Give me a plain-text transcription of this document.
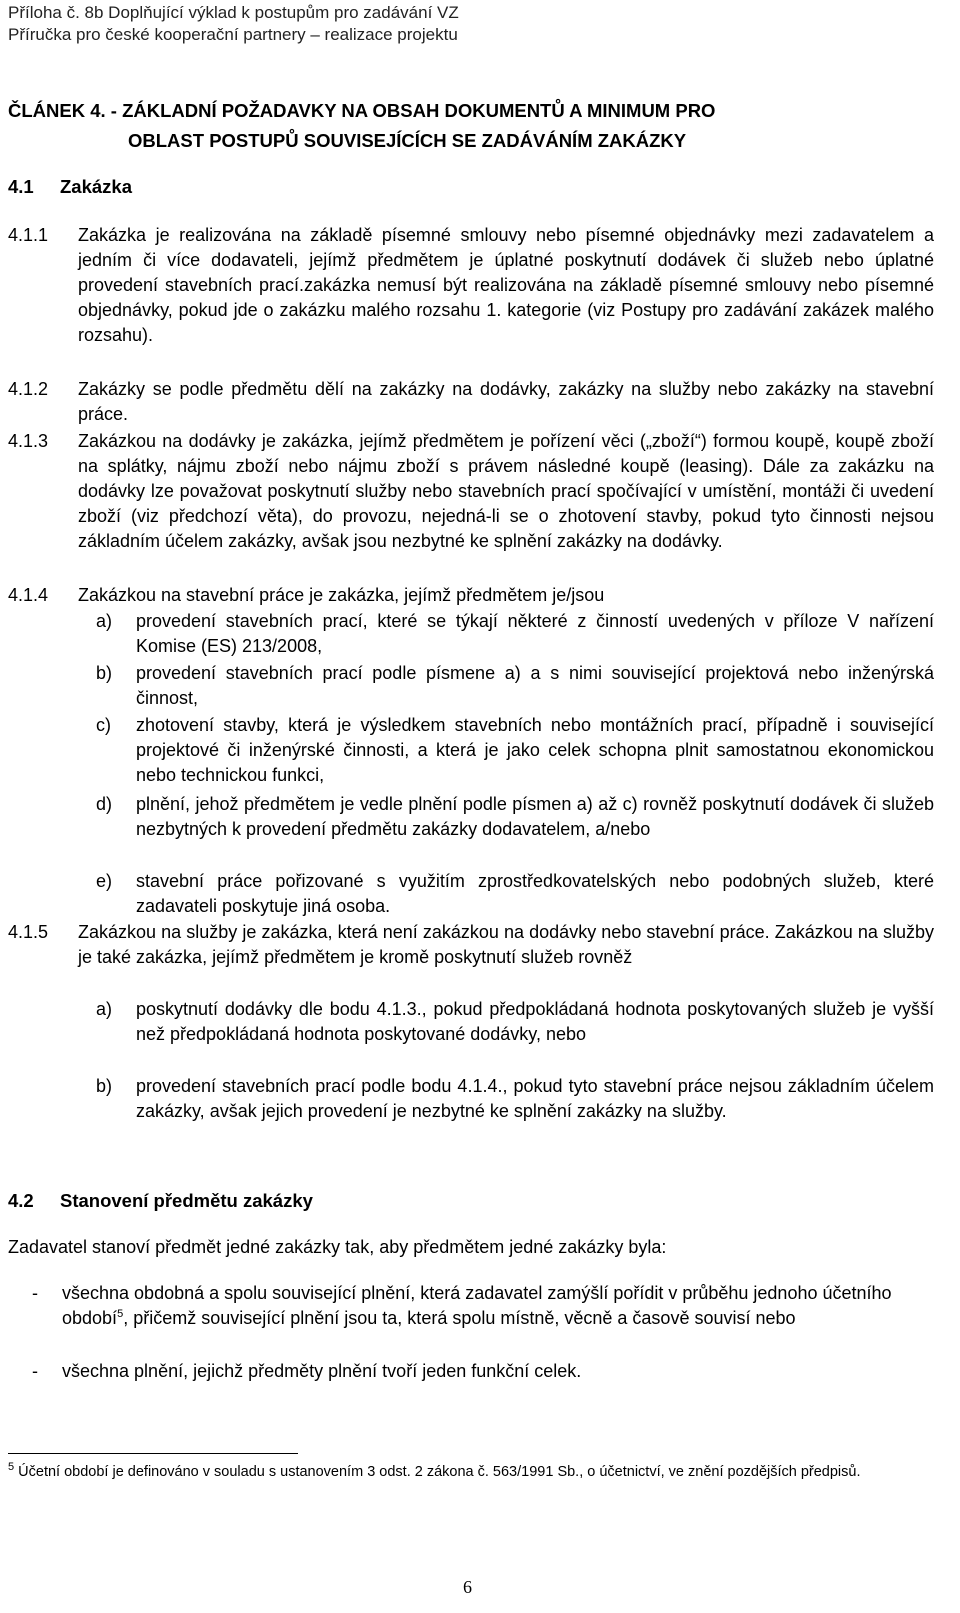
Příloha č. 8b Doplňující výklad k postupům pro zadávání VZ
Příručka pro české kooperační partnery – realizace projektu
ČLÁNEK 4. - ZÁKLADNÍ POŽADAVKY NA OBSAH DOKUMENTŮ A MINIMUM PRO
OBLAST POSTUPŮ SOUVISEJÍCÍCH SE ZADÁVÁNÍM ZAKÁZKY
4.1 Zakázka
4.1.1 Zakázka je realizována na základě písemné smlouvy nebo písemné objednávky mezi zadavatelem a jedním či více dodavateli, jejímž předmětem je úplatné poskytnutí dodávek či služeb nebo úplatné provedení stavebních prací.zakázka nemusí být realizována na základě písemné smlouvy nebo písemné objednávky, pokud jde o zakázku malého rozsahu 1. kategorie (viz Postupy pro zadávání zakázek malého rozsahu).
4.1.2 Zakázky se podle předmětu dělí na zakázky na dodávky, zakázky na služby nebo zakázky na stavební práce.
4.1.3 Zakázkou na dodávky je zakázka, jejímž předmětem je pořízení věci („zboží“) formou koupě, koupě zboží na splátky, nájmu zboží nebo nájmu zboží s právem následné koupě (leasing). Dále za zakázku na dodávky lze považovat poskytnutí služby nebo stavebních prací spočívající v umístění, montáži či uvedení zboží (viz předchozí věta), do provozu, nejedná-li se o zhotovení stavby, pokud tyto činnosti nejsou základním účelem zakázky, avšak jsou nezbytné ke splnění zakázky na dodávky.
4.1.4 Zakázkou na stavební práce je zakázka, jejímž předmětem je/jsou
a) provedení stavebních prací, které se týkají některé z činností uvedených v příloze V nařízení Komise (ES) 213/2008,
b) provedení stavebních prací podle písmene a) a s nimi související projektová nebo inženýrská činnost,
c) zhotovení stavby, která je výsledkem stavebních nebo montážních prací, případně i související projektové či inženýrské činnosti, a která je jako celek schopna plnit samostatnou ekonomickou nebo technickou funkci,
d) plnění, jehož předmětem je vedle plnění podle písmen a) až c) rovněž poskytnutí dodávek či služeb nezbytných k provedení předmětu zakázky dodavatelem, a/nebo
e) stavební práce pořizované s využitím zprostředkovatelských nebo podobných služeb, které zadavateli poskytuje jiná osoba.
4.1.5 Zakázkou na služby je zakázka, která není zakázkou na dodávky nebo stavební práce. Zakázkou na služby je také zakázka, jejímž předmětem je kromě poskytnutí služeb rovněž
a) poskytnutí dodávky dle bodu 4.1.3., pokud předpokládaná hodnota poskytovaných služeb je vyšší než předpokládaná hodnota poskytované dodávky, nebo
b) provedení stavebních prací podle bodu 4.1.4., pokud tyto stavební práce nejsou základním účelem zakázky, avšak jejich provedení je nezbytné ke splnění zakázky na služby.
4.2 Stanovení předmětu zakázky
Zadavatel stanoví předmět jedné zakázky tak, aby předmětem jedné zakázky byla:
- všechna obdobná a spolu související plnění, která zadavatel zamýšlí pořídit v průběhu jednoho účetního období$^5$, přičemž související plnění jsou ta, která spolu místně, věcně a časově souvisí nebo
- všechna plnění, jejichž předměty plnění tvoří jeden funkční celek.
$^5$ Účetní období je definováno v souladu s ustanovením 3 odst. 2 zákona č. 563/1991 Sb., o účetnictví, ve znění pozdějších předpisů.
6
